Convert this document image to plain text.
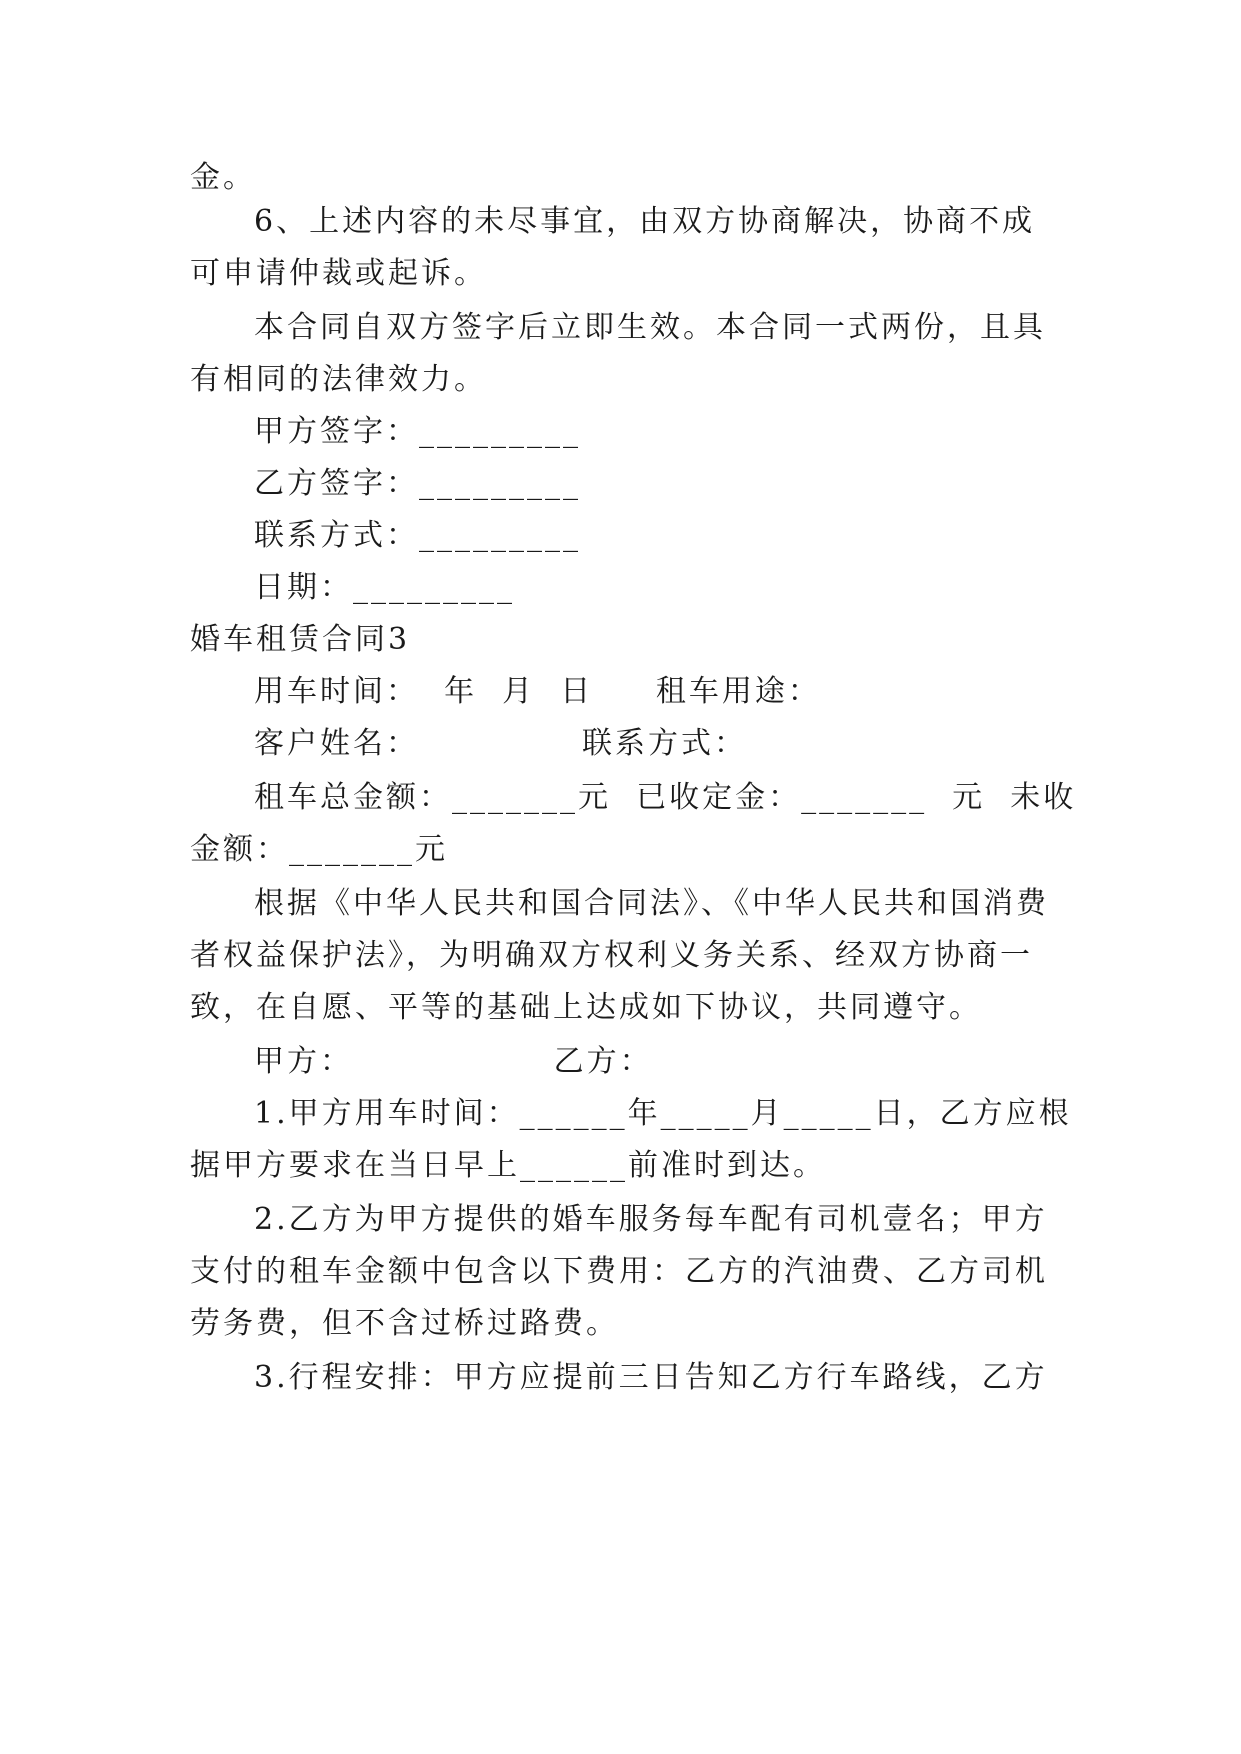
金。
6、上述内容的未尽事宜，由双方协商解决，协商不成
可申请仲裁或起诉。
本合同自双方签字后立即生效。本合同一式两份，且具
有相同的法律效力。
甲方签字：_________
乙方签字：_________
联系方式：_________
日期：_________
婚车租赁合同3
用车时间：  年  月  日     租车用途：
客户姓名：             联系方式：
租车总金额：_______元  已收定金：_______  元  未收
金额：_______元
根据《中华人民共和国合同法》、《中华人民共和国消费
者权益保护法》，为明确双方权利义务关系、经双方协商一
致，在自愿、平等的基础上达成如下协议，共同遵守。
甲方：                乙方：
1.甲方用车时间：______年_____月_____日，乙方应根
据甲方要求在当日早上______前准时到达。
2.乙方为甲方提供的婚车服务每车配有司机壹名；甲方
支付的租车金额中包含以下费用：乙方的汽油费、乙方司机
劳务费，但不含过桥过路费。
3.行程安排：甲方应提前三日告知乙方行车路线，乙方
